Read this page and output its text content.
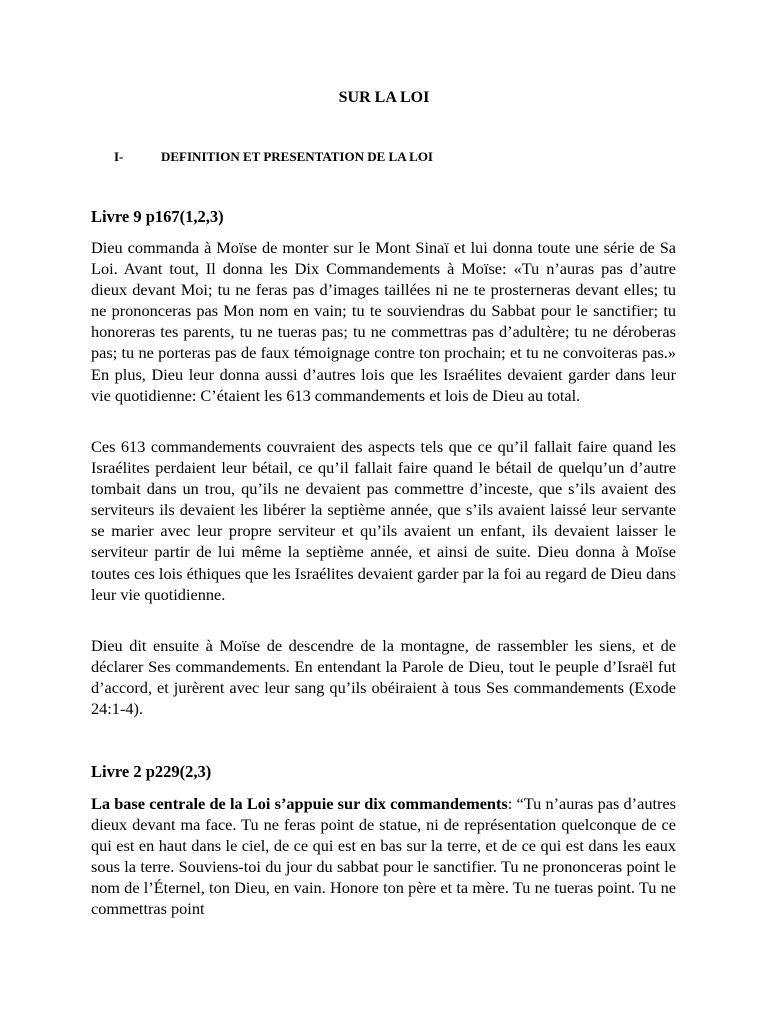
SUR LA LOI
I-	DEFINITION ET PRESENTATION DE LA LOI
Livre 9 p167(1,2,3)

Dieu commanda à Moïse de monter sur le Mont Sinaï et lui donna toute une série de Sa Loi. Avant tout, Il donna les Dix Commandements à Moïse: «Tu n’auras pas d’autre dieux devant Moi; tu ne feras pas d’images taillées ni ne te prosterneras devant elles; tu ne prononceras pas Mon nom en vain; tu te souviendras du Sabbat pour le sanctifier; tu honoreras tes parents, tu ne tueras pas; tu ne commettras pas d’adultère; tu ne déroberas pas; tu ne porteras pas de faux témoignage contre ton prochain; et tu ne convoiteras pas.» En plus, Dieu leur donna aussi d’autres lois que les Israélites devaient garder dans leur vie quotidienne: C’étaient les 613 commandements et lois de Dieu au total.

Ces 613 commandements couvraient des aspects tels que ce qu’il fallait faire quand les Israélites perdaient leur bétail, ce qu’il fallait faire quand le bétail de quelqu’un d’autre tombait dans un trou, qu’ils ne devaient pas commettre d’inceste, que s’ils avaient des serviteurs ils devaient les libérer la septième année, que s’ils avaient laissé leur servante se marier avec leur propre serviteur et qu’ils avaient un enfant, ils devaient laisser le serviteur partir de lui même la septième année, et ainsi de suite. Dieu donna à Moïse toutes ces lois éthiques que les Israélites devaient garder par la foi au regard de Dieu dans leur vie quotidienne.

Dieu dit ensuite à Moïse de descendre de la montagne, de rassembler les siens, et de déclarer Ses commandements. En entendant la Parole de Dieu, tout le peuple d’Israël fut d’accord, et jurèrent avec leur sang qu’ils obéiraient à tous Ses commandements (Exode 24:1-4).

Livre 2 p229(2,3)

La base centrale de la Loi s’appuie sur dix commandements: “Tu n’auras pas d’autres dieux devant ma face. Tu ne feras point de statue, ni de représentation quelconque de ce qui est en haut dans le ciel, de ce qui est en bas sur la terre, et de ce qui est dans les eaux sous la terre. Souviens-toi du jour du sabbat pour le sanctifier. Tu ne prononceras point le nom de l’Éternel, ton Dieu, en vain. Honore ton père et ta mère. Tu ne tueras point. Tu ne commettras point
